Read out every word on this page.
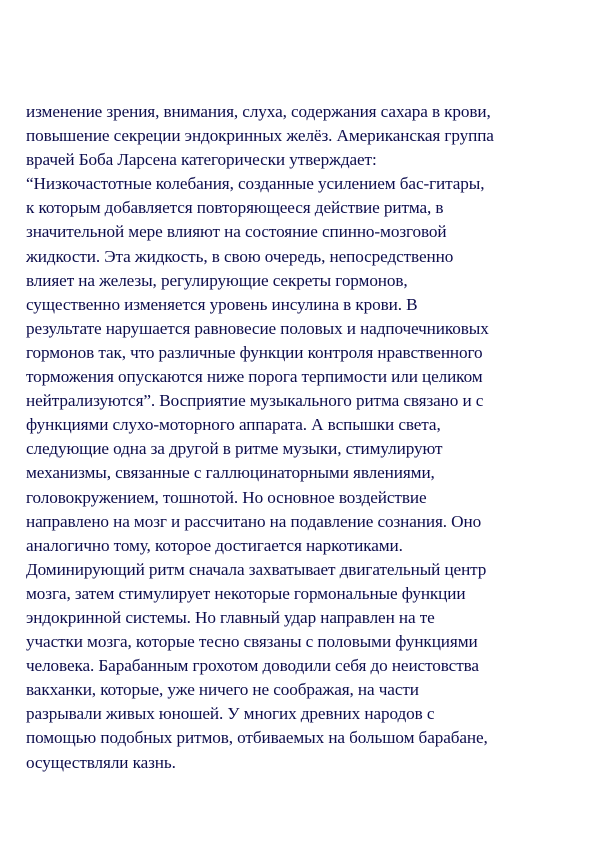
изменение зрения, внимания, слуха, содержания сахара в крови,
повышение секреции эндокринных желёз. Американская группа
врачей Боба Ларсена категорически утверждает:
“Низкочастотные колебания, созданные усилением бас-гитары,
к которым добавляется повторяющееся действие ритма, в
значительной мере влияют на состояние спинно-мозговой
жидкости. Эта жидкость, в свою очередь, непосредственно
влияет на железы, регулирующие секреты гормонов,
существенно изменяется уровень инсулина в крови. В
результате нарушается равновесие половых и надпочечниковых
гормонов так, что различные функции контроля нравственного
торможения опускаются ниже порога терпимости или целиком
нейтрализуются”. Восприятие музыкального ритма связано и с
функциями слухо-моторного аппарата. А вспышки света,
следующие одна за другой в ритме музыки, стимулируют
механизмы, связанные с галлюцинаторными явлениями,
головокружением, тошнотой. Но основное воздействие
направлено на мозг и рассчитано на подавление сознания. Оно
аналогично тому, которое достигается наркотиками.
Доминирующий ритм сначала захватывает двигательный центр
мозга, затем стимулирует некоторые гормональные функции
эндокринной системы. Но главный удар направлен на те
участки мозга, которые тесно связаны с половыми функциями
человека. Барабанным грохотом доводили себя до неистовства
вакханки, которые, уже ничего не соображая, на части
разрывали живых юношей. У многих древних народов с
помощью подобных ритмов, отбиваемых на большом барабане,
осуществляли казнь.
